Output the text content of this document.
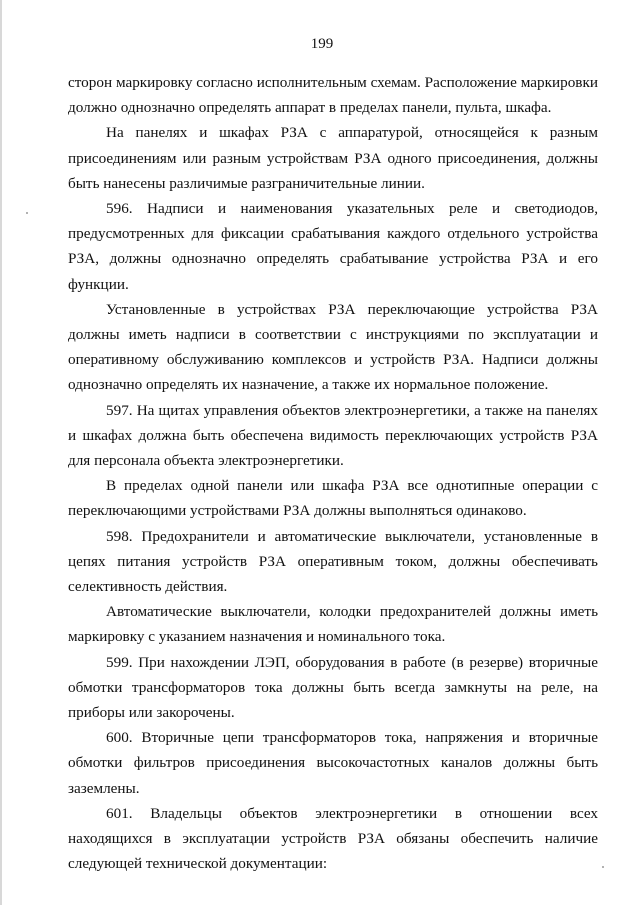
199

сторон маркировку согласно исполнительным схемам. Расположение маркировки должно однозначно определять аппарат в пределах панели, пульта, шкафа.

На панелях и шкафах РЗА с аппаратурой, относящейся к разным присоединениям или разным устройствам РЗА одного присоединения, должны быть нанесены различимые разграничительные линии.

596. Надписи и наименования указательных реле и светодиодов, предусмотренных для фиксации срабатывания каждого отдельного устройства РЗА, должны однозначно определять срабатывание устройства РЗА и его функции.

Установленные в устройствах РЗА переключающие устройства РЗА должны иметь надписи в соответствии с инструкциями по эксплуатации и оперативному обслуживанию комплексов и устройств РЗА. Надписи должны однозначно определять их назначение, а также их нормальное положение.

597. На щитах управления объектов электроэнергетики, а также на панелях и шкафах должна быть обеспечена видимость переключающих устройств РЗА для персонала объекта электроэнергетики.

В пределах одной панели или шкафа РЗА все однотипные операции с переключающими устройствами РЗА должны выполняться одинаково.

598. Предохранители и автоматические выключатели, установленные в цепях питания устройств РЗА оперативным током, должны обеспечивать селективность действия.

Автоматические выключатели, колодки предохранителей должны иметь маркировку с указанием назначения и номинального тока.

599. При нахождении ЛЭП, оборудования в работе (в резерве) вторичные обмотки трансформаторов тока должны быть всегда замкнуты на реле, на приборы или закорочены.

600. Вторичные цепи трансформаторов тока, напряжения и вторичные обмотки фильтров присоединения высокочастотных каналов должны быть заземлены.

601. Владельцы объектов электроэнергетики в отношении всех находящихся в эксплуатации устройств РЗА обязаны обеспечить наличие следующей технической документации:
